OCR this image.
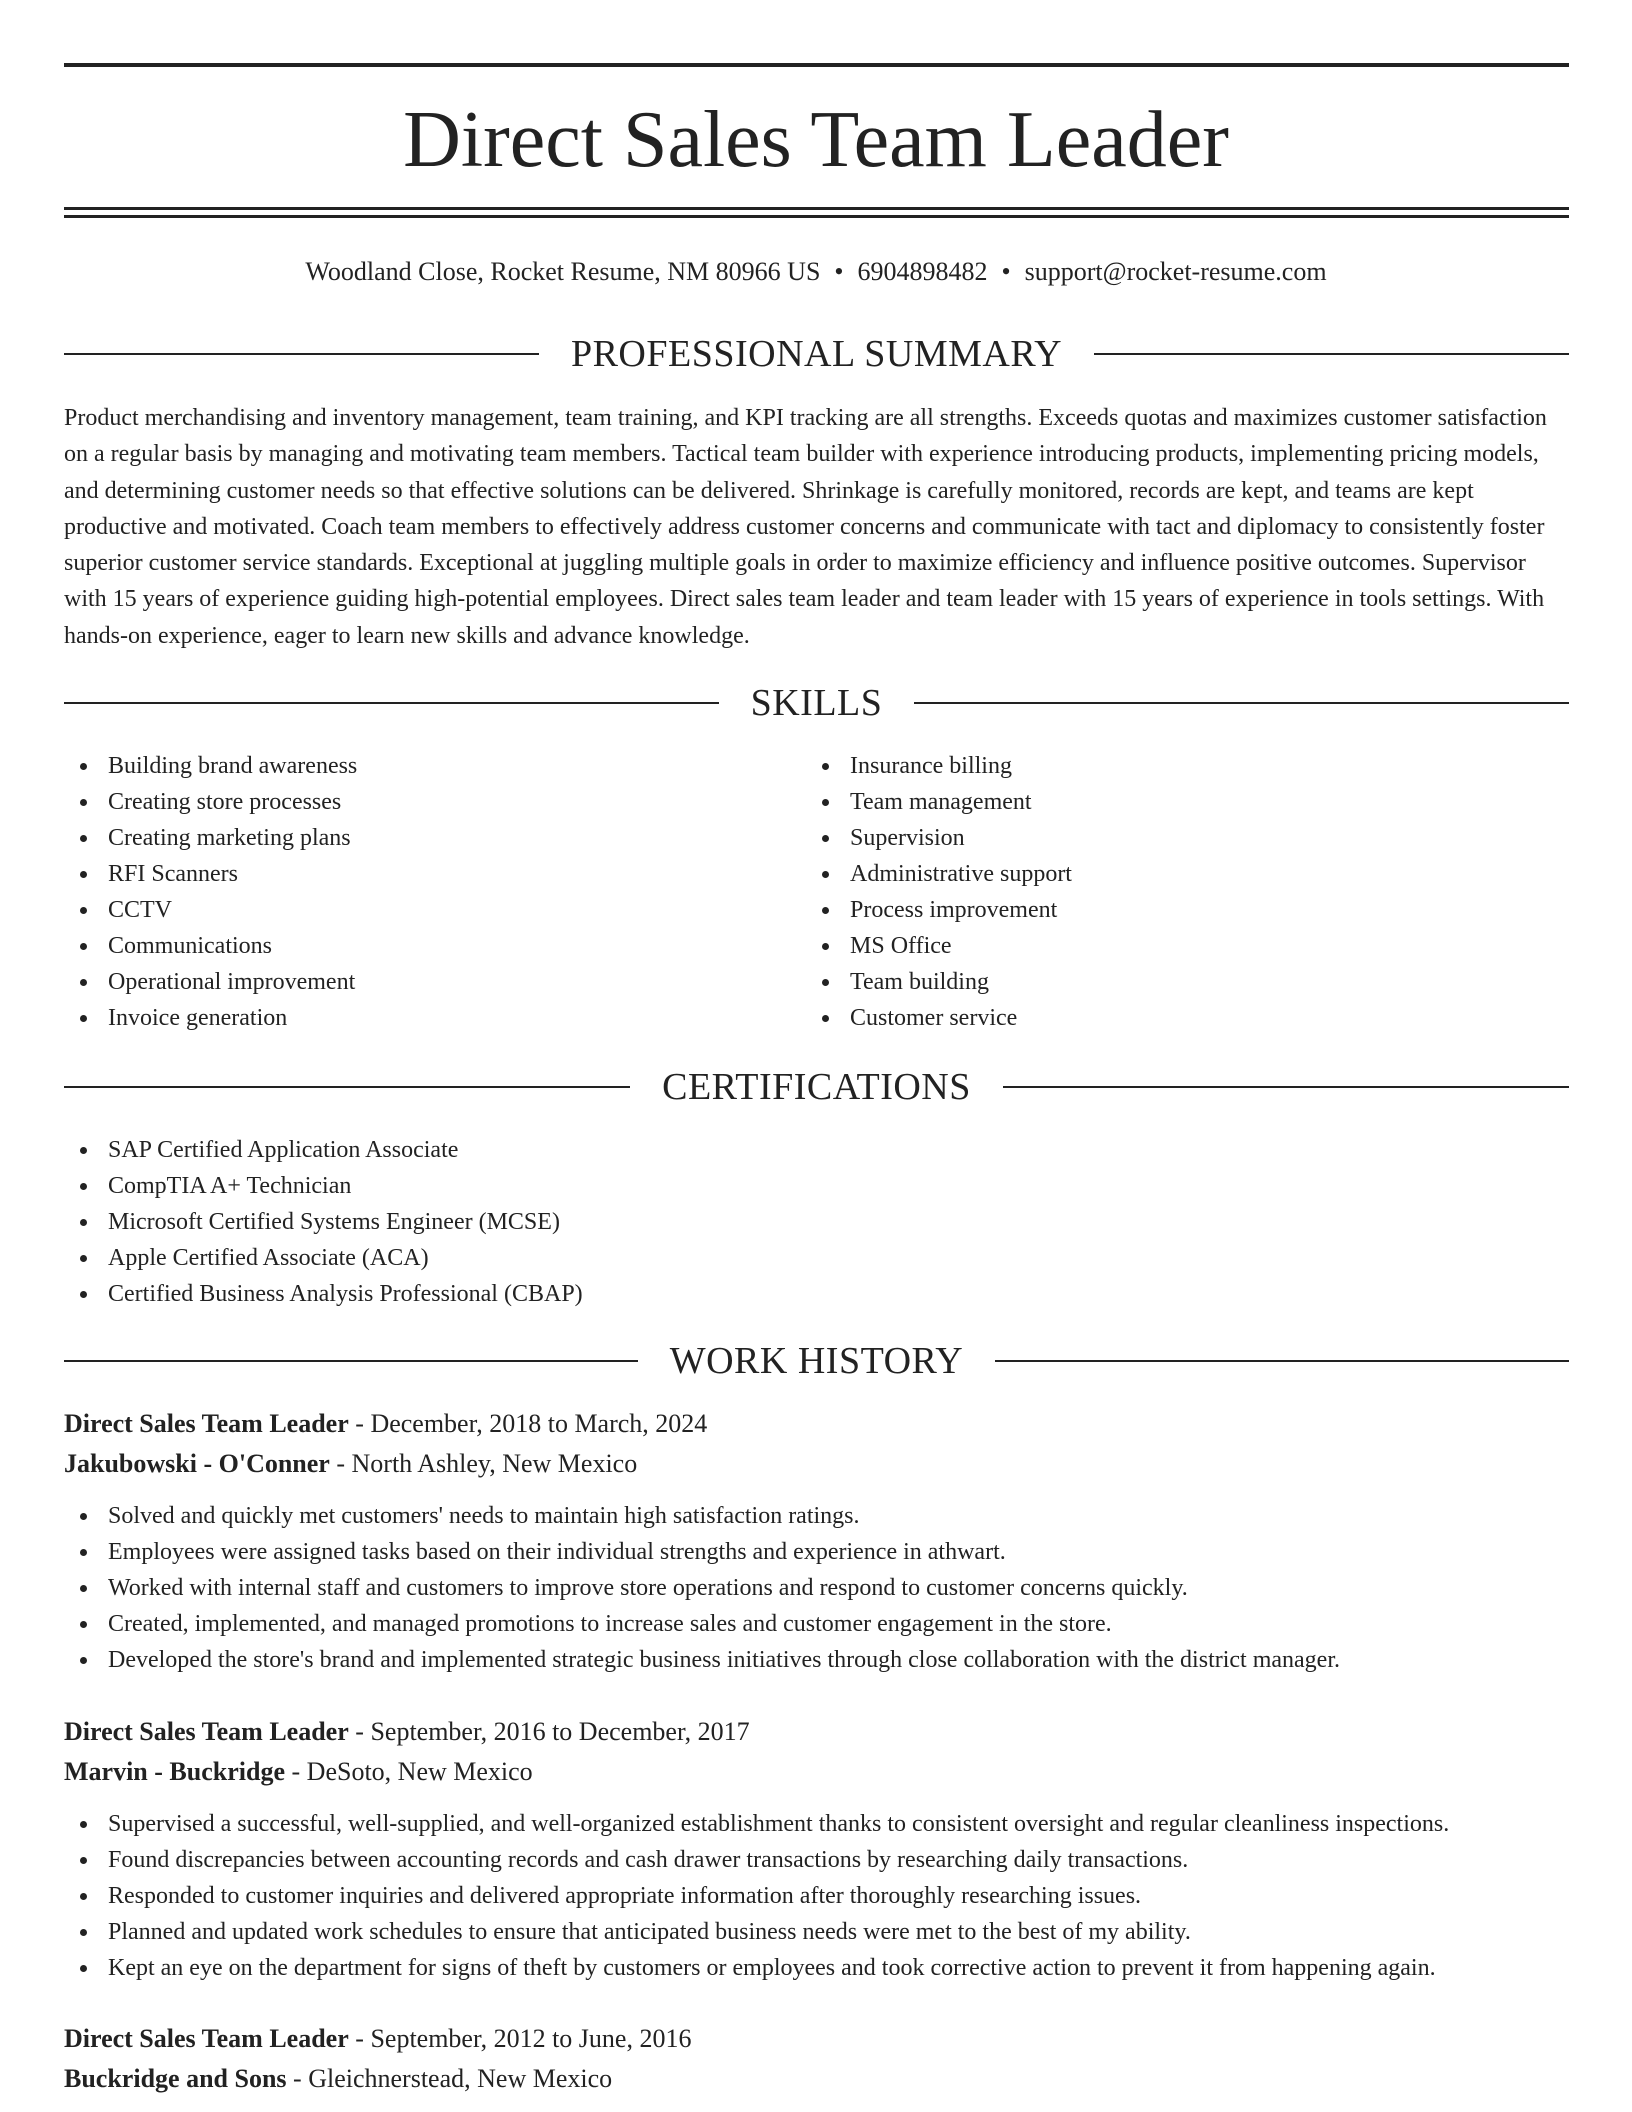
Direct Sales Team Leader
Woodland Close, Rocket Resume, NM 80966 US • 6904898482 • support@rocket-resume.com
PROFESSIONAL SUMMARY

Product merchandising and inventory management, team training, and KPI tracking are all strengths. Exceeds quotas and maximizes customer satisfaction on a regular basis by managing and motivating team members. Tactical team builder with experience introducing products, implementing pricing models, and determining customer needs so that effective solutions can be delivered. Shrinkage is carefully monitored, records are kept, and teams are kept productive and motivated. Coach team members to effectively address customer concerns and communicate with tact and diplomacy to consistently foster superior customer service standards. Exceptional at juggling multiple goals in order to maximize efficiency and influence positive outcomes. Supervisor with 15 years of experience guiding high-potential employees. Direct sales team leader and team leader with 15 years of experience in tools settings. With hands-on experience, eager to learn new skills and advance knowledge.

SKILLS
Building brand awareness
Creating store processes
Creating marketing plans
RFI Scanners
CCTV
Communications
Operational improvement
Invoice generation
Insurance billing
Team management
Supervision
Administrative support
Process improvement
MS Office
Team building
Customer service
CERTIFICATIONS
SAP Certified Application Associate
CompTIA A+ Technician
Microsoft Certified Systems Engineer (MCSE)
Apple Certified Associate (ACA)
Certified Business Analysis Professional (CBAP)
WORK HISTORY
Direct Sales Team Leader - December, 2018 to March, 2024
Jakubowski - O'Conner - North Ashley, New Mexico
Solved and quickly met customers' needs to maintain high satisfaction ratings.
Employees were assigned tasks based on their individual strengths and experience in athwart.
Worked with internal staff and customers to improve store operations and respond to customer concerns quickly.
Created, implemented, and managed promotions to increase sales and customer engagement in the store.
Developed the store's brand and implemented strategic business initiatives through close collaboration with the district manager.
Direct Sales Team Leader - September, 2016 to December, 2017
Marvin - Buckridge - DeSoto, New Mexico
Supervised a successful, well-supplied, and well-organized establishment thanks to consistent oversight and regular cleanliness inspections.
Found discrepancies between accounting records and cash drawer transactions by researching daily transactions.
Responded to customer inquiries and delivered appropriate information after thoroughly researching issues.
Planned and updated work schedules to ensure that anticipated business needs were met to the best of my ability.
Kept an eye on the department for signs of theft by customers or employees and took corrective action to prevent it from happening again.
Direct Sales Team Leader - September, 2012 to June, 2016
Buckridge and Sons - Gleichnerstead, New Mexico
